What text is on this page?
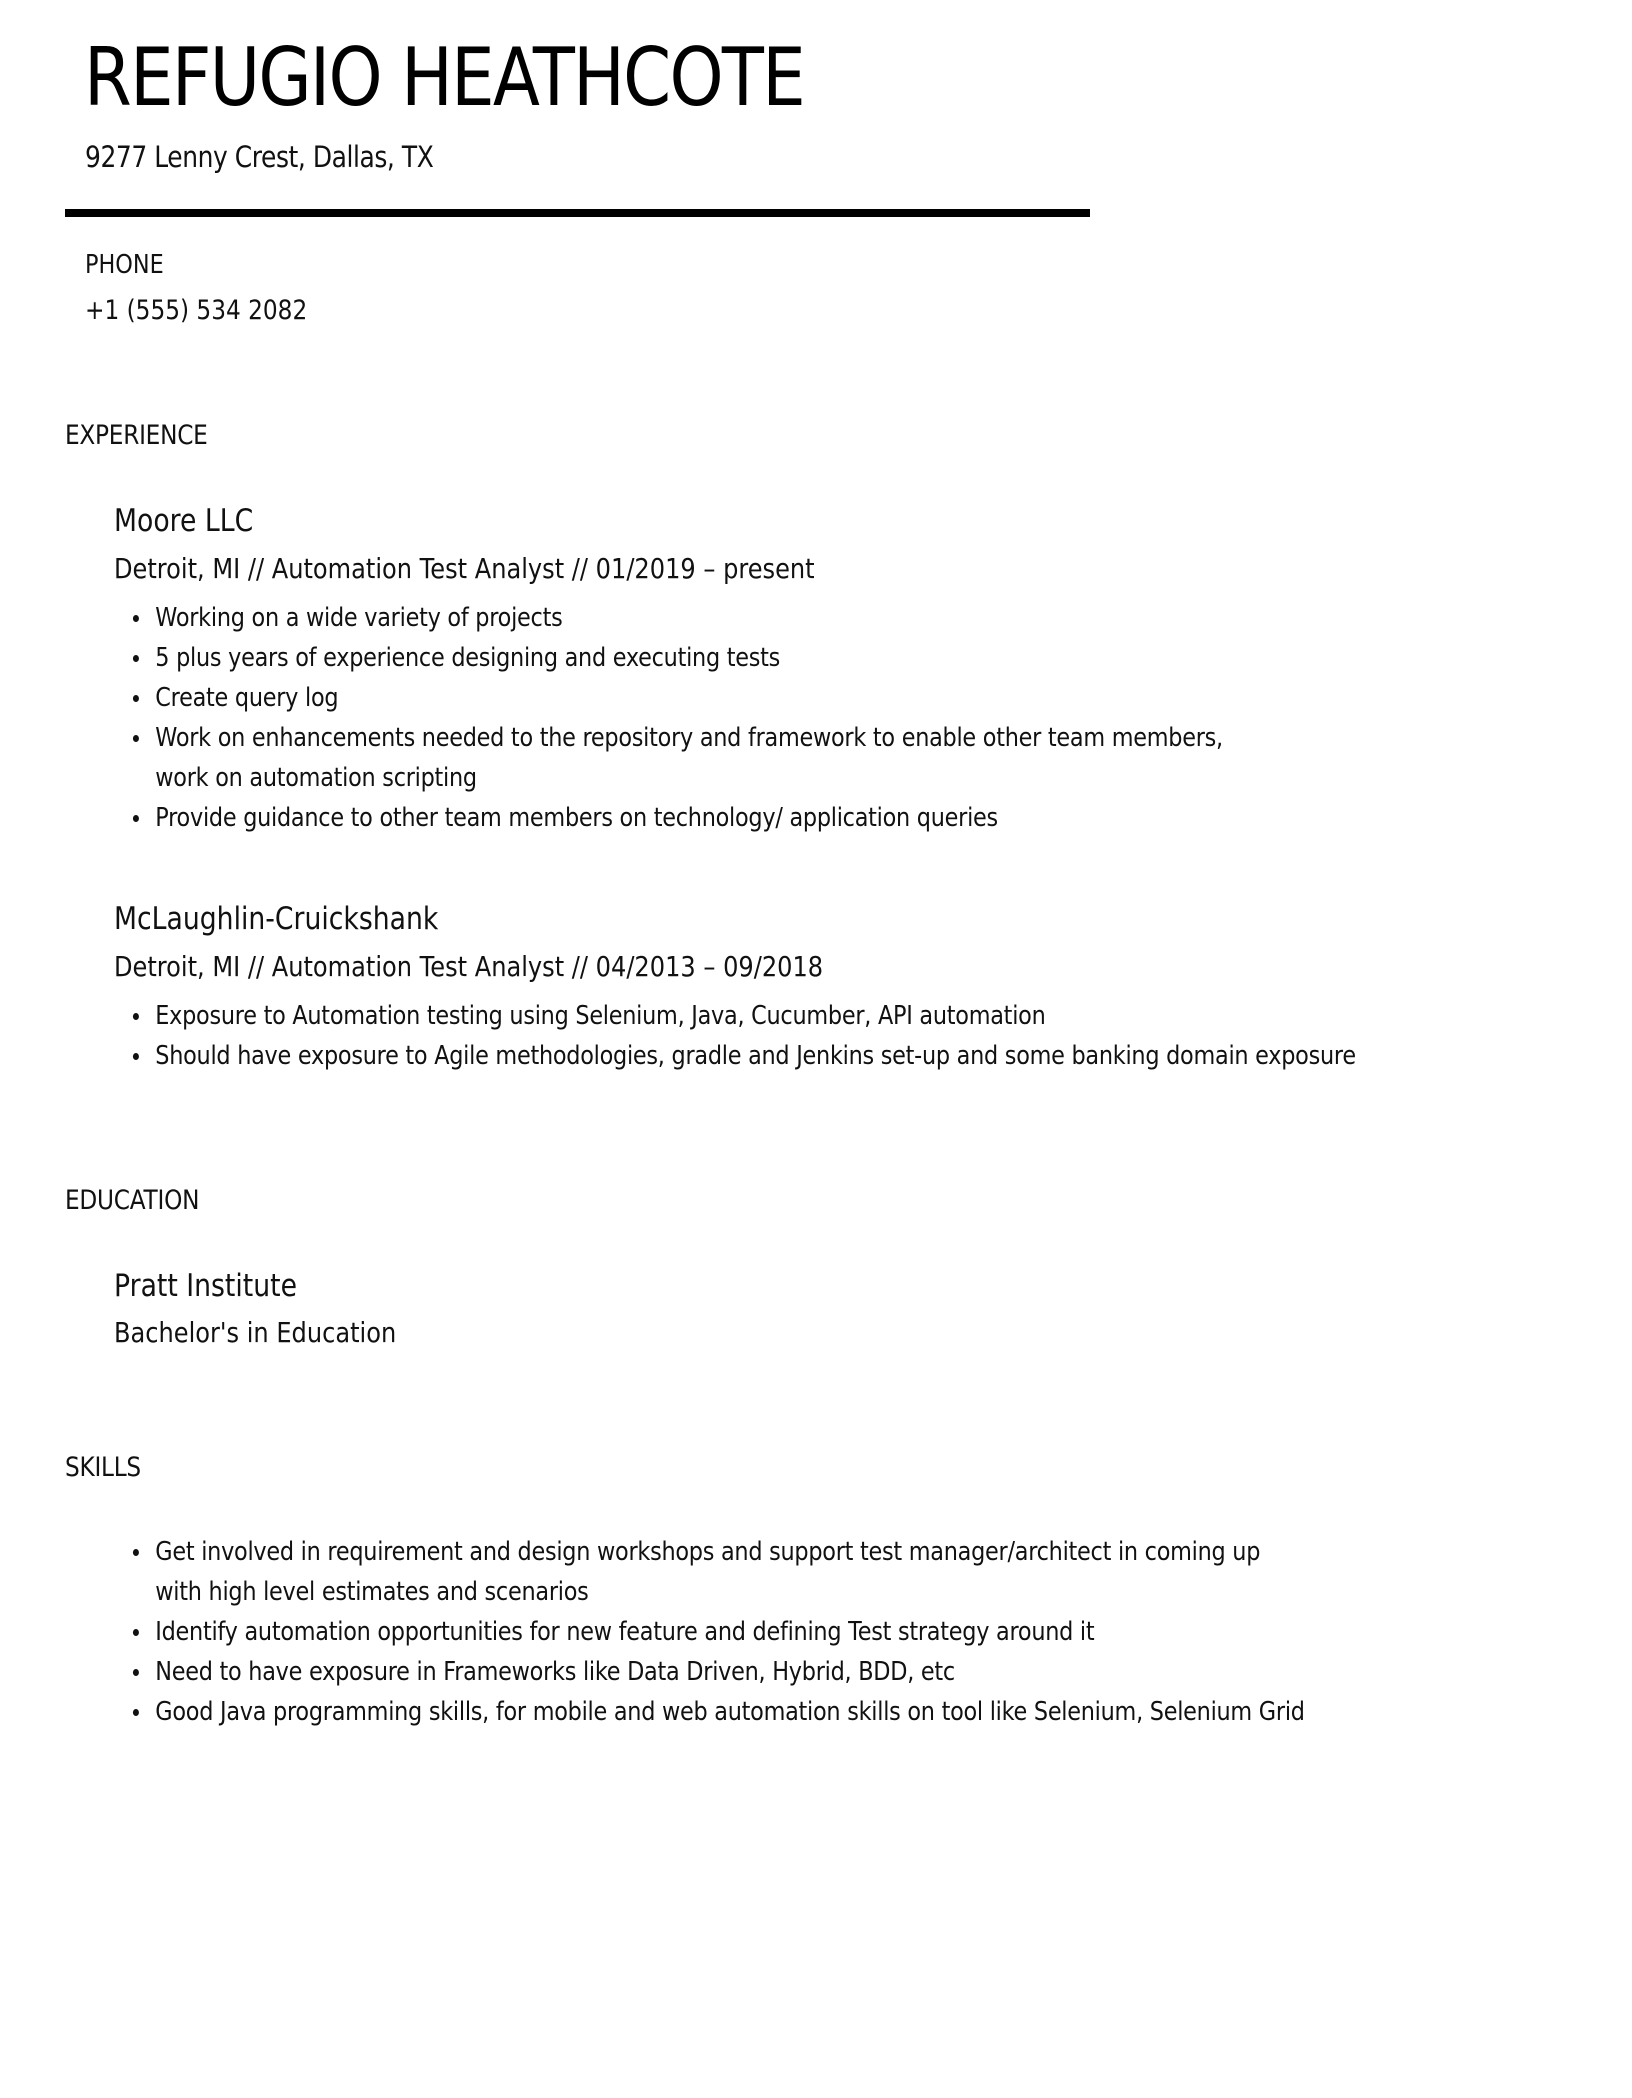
REFUGIO HEATHCOTE
9277 Lenny Crest, Dallas, TX
PHONE
+1 (555) 534 2082
EXPERIENCE
Moore LLC
Detroit, MI // Automation Test Analyst // 01/2019 – present
Working on a wide variety of projects
5 plus years of experience designing and executing tests
Create query log
Work on enhancements needed to the repository and framework to enable other team members, work on automation scripting
Provide guidance to other team members on technology/ application queries
McLaughlin-Cruickshank
Detroit, MI // Automation Test Analyst // 04/2013 – 09/2018
Exposure to Automation testing using Selenium, Java, Cucumber, API automation
Should have exposure to Agile methodologies, gradle and Jenkins set-up and some banking domain exposure
EDUCATION
Pratt Institute
Bachelor's in Education
SKILLS
Get involved in requirement and design workshops and support test manager/architect in coming up with high level estimates and scenarios
Identify automation opportunities for new feature and defining Test strategy around it
Need to have exposure in Frameworks like Data Driven, Hybrid, BDD, etc
Good Java programming skills, for mobile and web automation skills on tool like Selenium, Selenium Grid
